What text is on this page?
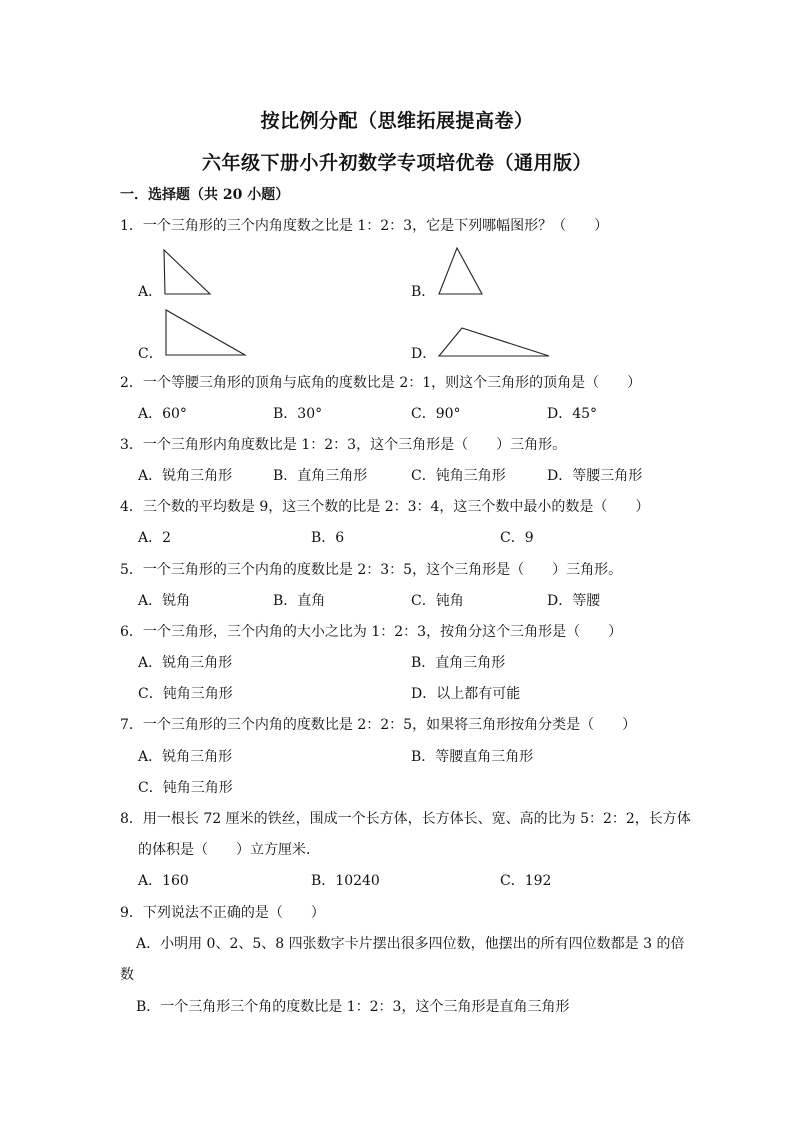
按比例分配（思维拓展提高卷）
六年级下册小升初数学专项培优卷（通用版）
一．选择题（共 20 小题）
1．一个三角形的三个内角度数之比是 1：2：3，它是下列哪幅图形？（　　）
A．	B．
C．	D．
2．一个等腰三角形的顶角与底角的度数比是 2：1，则这个三角形的顶角是（　　）
A．60°	B．30°	C．90°	D．45°
3．一个三角形内角度数比是 1：2：3，这个三角形是（　　）三角形。
A．锐角三角形	B．直角三角形	C．钝角三角形	D．等腰三角形
4．三个数的平均数是 9，这三个数的比是 2：3：4，这三个数中最小的数是（　　）
A．2	B．6	C．9
5．一个三角形的三个内角的度数比是 2：3：5，这个三角形是（　　）三角形。
A．锐角	B．直角	C．钝角	D．等腰
6．一个三角形，三个内角的大小之比为 1：2：3，按角分这个三角形是（　　）
A．锐角三角形	B．直角三角形
C．钝角三角形	D．以上都有可能
7．一个三角形的三个内角的度数比是 2：2：5，如果将三角形按角分类是（　　）
A．锐角三角形	B．等腰直角三角形
C．钝角三角形
8．用一根长 72 厘米的铁丝，围成一个长方体，长方体长、宽、高的比为 5：2：2，长方体
的体积是（　　）立方厘米．
A．160	B．10240	C．192
9．下列说法不正确的是（　　）
A．小明用 0、2、5、8 四张数字卡片摆出很多四位数，他摆出的所有四位数都是 3 的倍
数
B．一个三角形三个角的度数比是 1：2：3，这个三角形是直角三角形
